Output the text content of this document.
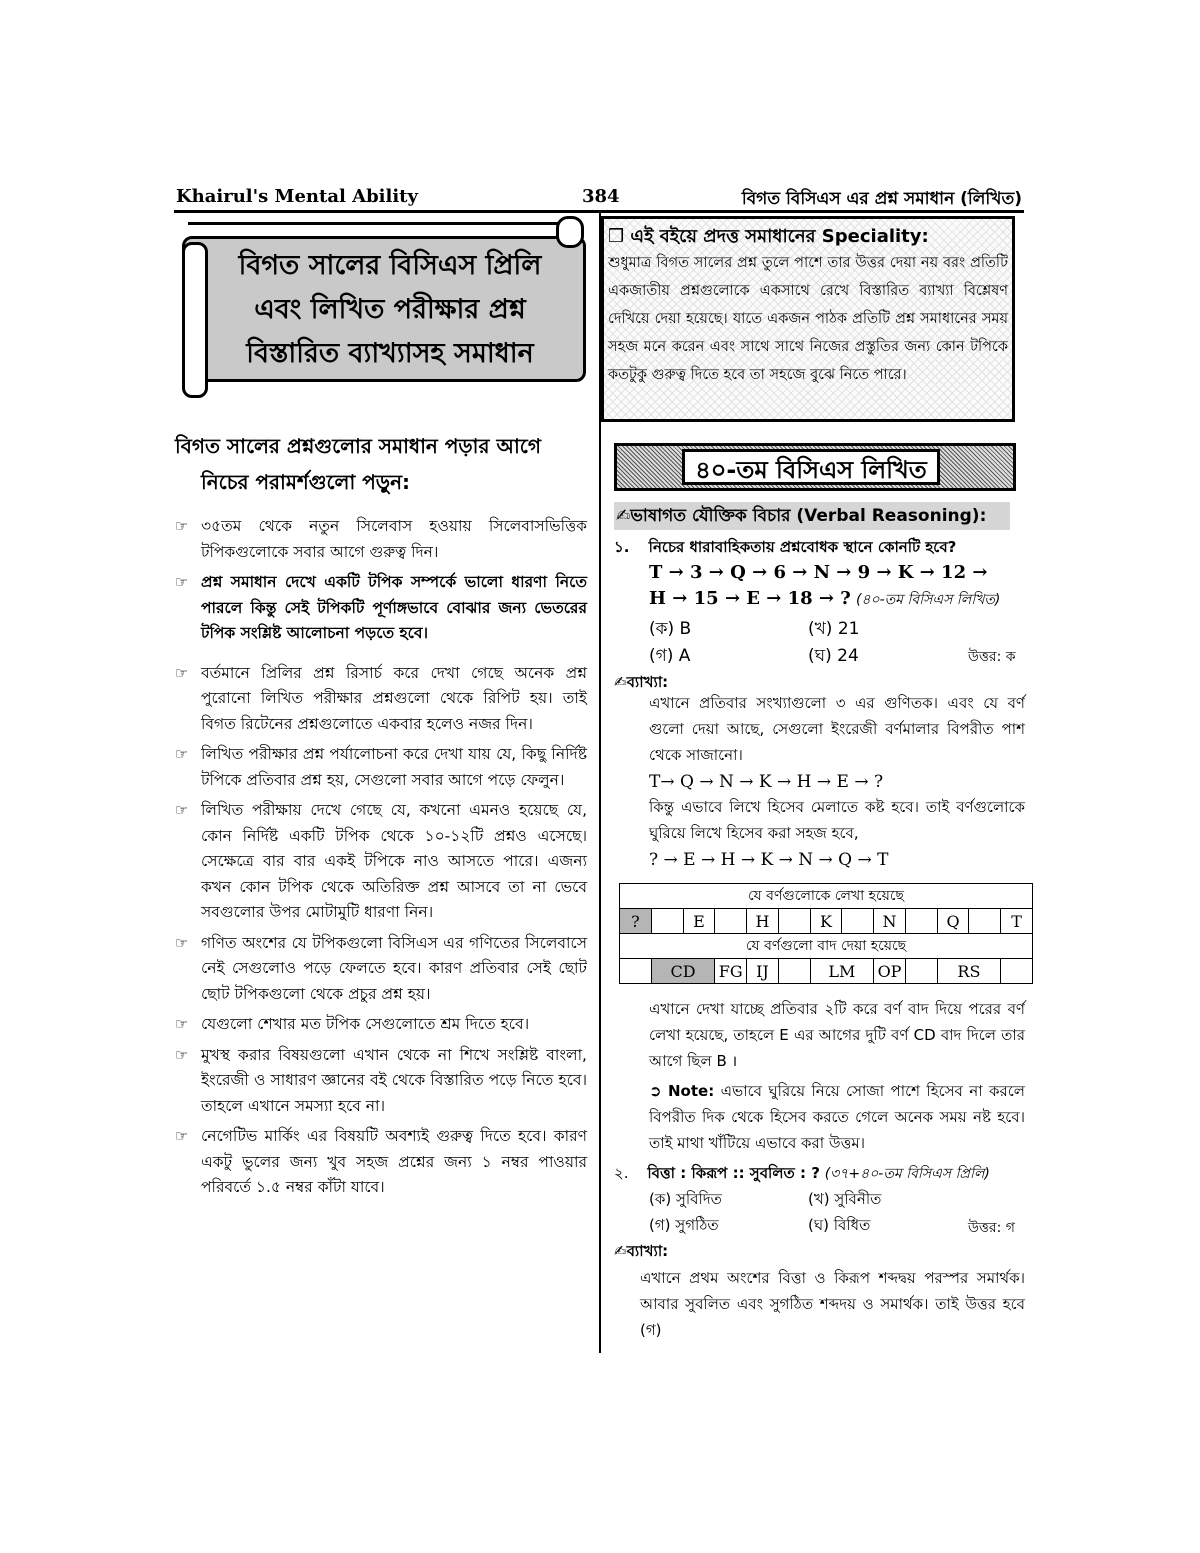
Khairul's Mental Ability	384	বিগত বিসিএস এর প্রশ্ন সমাধান (লিখিত)
বিগত সালের বিসিএস প্রিলি
এবং লিখিত পরীক্ষার প্রশ্ন
বিস্তারিত ব্যাখ্যাসহ সমাধান
বিগত সালের প্রশ্নগুলোর সমাধান পড়ার আগে
নিচের পরামর্শগুলো পড়ুন:
☞ ৩৫তম থেকে নতুন সিলেবাস হওয়ায় সিলেবাসভিত্তিক টপিকগুলোকে সবার আগে গুরুত্ব দিন।
☞ প্রশ্ন সমাধান দেখে একটি টপিক সম্পর্কে ভালো ধারণা নিতে পারলে কিন্তু সেই টপিকটি পূর্ণাঙ্গভাবে বোঝার জন্য ভেতরের টপিক সংশ্লিষ্ট আলোচনা পড়তে হবে।
☞ বর্তমানে প্রিলির প্রশ্ন রিসার্চ করে দেখা গেছে অনেক প্রশ্ন পুরোনো লিখিত পরীক্ষার প্রশ্নগুলো থেকে রিপিট হয়। তাই বিগত রিটেনের প্রশ্নগুলোতে একবার হলেও নজর দিন।
☞ লিখিত পরীক্ষার প্রশ্ন পর্যালোচনা করে দেখা যায় যে, কিছু নির্দিষ্ট টপিকে প্রতিবার প্রশ্ন হয়, সেগুলো সবার আগে পড়ে ফেলুন।
☞ লিখিত পরীক্ষায় দেখে গেছে যে, কখনো এমনও হয়েছে যে, কোন নির্দিষ্ট একটি টপিক থেকে ১০-১২টি প্রশ্নও এসেছে। সেক্ষেত্রে বার বার একই টপিকে নাও আসতে পারে। এজন্য কখন কোন টপিক থেকে অতিরিক্ত প্রশ্ন আসবে তা না ভেবে সবগুলোর উপর মোটামুটি ধারণা নিন।
☞ গণিত অংশের যে টপিকগুলো বিসিএস এর গণিতের সিলেবাসে নেই সেগুলোও পড়ে ফেলতে হবে। কারণ প্রতিবার সেই ছোট ছোট টপিকগুলো থেকে প্রচুর প্রশ্ন হয়।
☞ যেগুলো শেখার মত টপিক সেগুলোতে শ্রম দিতে হবে।
☞ মুখস্থ করার বিষয়গুলো এখান থেকে না শিখে সংশ্লিষ্ট বাংলা, ইংরেজী ও সাধারণ জ্ঞানের বই থেকে বিস্তারিত পড়ে নিতে হবে। তাহলে এখানে সমস্যা হবে না।
☞ নেগেটিভ মার্কিং এর বিষয়টি অবশ্যই গুরুত্ব দিতে হবে। কারণ একটু ভুলের জন্য খুব সহজ প্রশ্নের জন্য ১ নম্বর পাওয়ার পরিবর্তে ১.৫ নম্বর কাঁটা যাবে।
❒ এই বইয়ে প্রদত্ত সমাধানের Speciality:
শুধুমাত্র বিগত সালের প্রশ্ন তুলে পাশে তার উত্তর দেয়া নয় বরং প্রতিটি একজাতীয় প্রশ্নগুলোকে একসাথে রেখে বিস্তারিত ব্যাখ্যা বিশ্লেষণ দেখিয়ে দেয়া হয়েছে। যাতে একজন পাঠক প্রতিটি প্রশ্ন সমাধানের সময় সহজ মনে করেন এবং সাথে সাথে নিজের প্রস্তুতির জন্য কোন টপিকে কতটুকু গুরুত্ব দিতে হবে তা সহজে বুঝে নিতে পারে।
৪০-তম বিসিএস লিখিত
✍ভাষাগত যৌক্তিক বিচার (Verbal Reasoning):
১. নিচের ধারাবাহিকতায় প্রশ্নবোধক স্থানে কোনটি হবে?
T → 3 → Q → 6 → N → 9 → K → 12 →
H → 15 → E → 18 → ? (৪০-তম বিসিএস লিখিত)
(ক) B	(খ) 21
(গ) A	(ঘ) 24	উত্তর: ক
✍ব্যাখ্যা:
এখানে প্রতিবার সংখ্যাগুলো ৩ এর গুণিতক। এবং যে বর্ণ গুলো দেয়া আছে, সেগুলো ইংরেজী বর্ণমালার বিপরীত পাশ থেকে সাজানো।
T→ Q → N → K → H → E → ?
কিন্তু এভাবে লিখে হিসেব মেলাতে কষ্ট হবে। তাই বর্ণগুলোকে ঘুরিয়ে লিখে হিসেব করা সহজ হবে,
? → E → H → K → N → Q → T
যে বর্ণগুলোকে লেখা হয়েছে												
?		E		H		K		N		Q		T
যে বর্ণগুলো বাদ দেয়া হয়েছে												
	CD		FG	IJ		LM		OP		RS		
এখানে দেখা যাচ্ছে প্রতিবার ২টি করে বর্ণ বাদ দিয়ে পরের বর্ণ লেখা হয়েছে, তাহলে E এর আগের দুটি বর্ণ CD বাদ দিলে তার আগে ছিল B ।
➲ Note: এভাবে ঘুরিয়ে নিয়ে সোজা পাশে হিসেব না করলে বিপরীত দিক থেকে হিসেব করতে গেলে অনেক সময় নষ্ট হবে। তাই মাথা খাঁটিয়ে এভাবে করা উত্তম।
২. বিত্তা : কিরূপ :: সুবলিত : ? (৩৭+৪০-তম বিসিএস প্রিলি)
(ক) সুবিদিত	(খ) সুবিনীত
(গ) সুগঠিত	(ঘ) বিধিত	উত্তর: গ
✍ব্যাখ্যা:
এখানে প্রথম অংশের বিত্তা ও কিরূপ শব্দদ্বয় পরস্পর সমার্থক। আবার সুবলিত এবং সুগঠিত শব্দদয় ও সমার্থক। তাই উত্তর হবে (গ)
